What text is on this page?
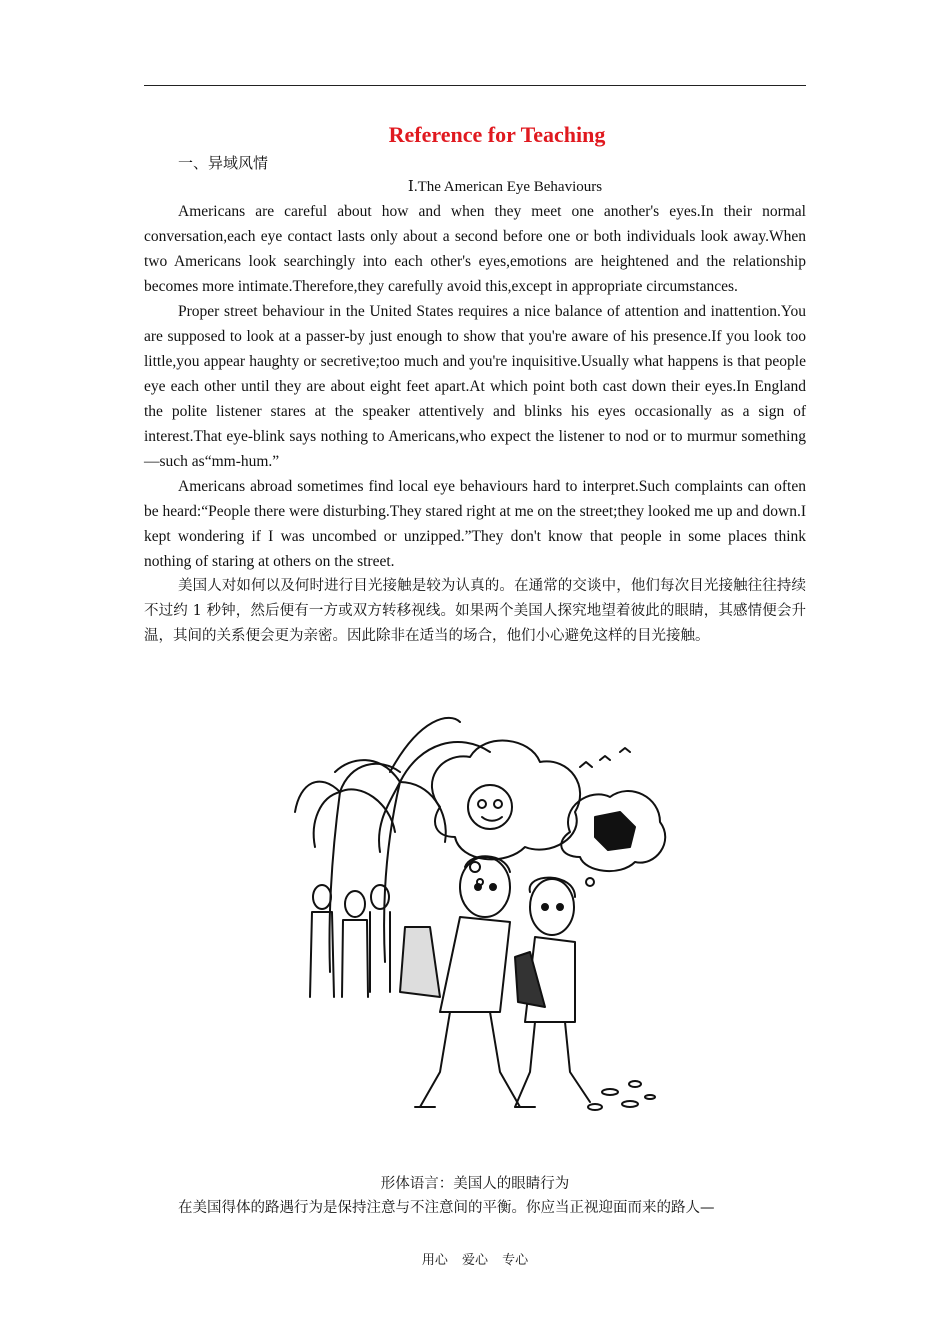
Reference for Teaching
一、异域风情
Ⅰ.The American Eye Behaviours

Americans are careful about how and when they meet one another's eyes.In their normal conversation,each eye contact lasts only about a second before one or both individuals look away.When two Americans look searchingly into each other's eyes,emotions are heightened and the relationship becomes more intimate.Therefore,they carefully avoid this,except in appropriate circumstances.

Proper street behaviour in the United States requires a nice balance of attention and inattention.You are supposed to look at a passer-by just enough to show that you're aware of his presence.If you look too little,you appear haughty or secretive;too much and you're inquisitive.Usually what happens is that people eye each other until they are about eight feet apart.At which point both cast down their eyes.In England the polite listener stares at the speaker attentively and blinks his eyes occasionally as a sign of interest.That eye-blink says nothing to Americans,who expect the listener to nod or to murmur something—such as“mm-hum.”

Americans abroad sometimes find local eye behaviours hard to interpret.Such complaints can often be heard:“People there were disturbing.They stared right at me on the street;they looked me up and down.I kept wondering if I was uncombed or unzipped.”They don't know that people in some places think nothing of staring at others on the street.

美国人对如何以及何时进行目光接触是较为认真的。在通常的交谈中，他们每次目光接触往往持续不过约 1 秒钟，然后便有一方或双方转移视线。如果两个美国人探究地望着彼此的眼睛，其感情便会升温，其间的关系便会更为亲密。因此除非在适当的场合，他们小心避免这样的目光接触。

形体语言：美国人的眼睛行为
在美国得体的路遇行为是保持注意与不注意间的平衡。你应当正视迎面而来的路人—
用心 爱心 专心
